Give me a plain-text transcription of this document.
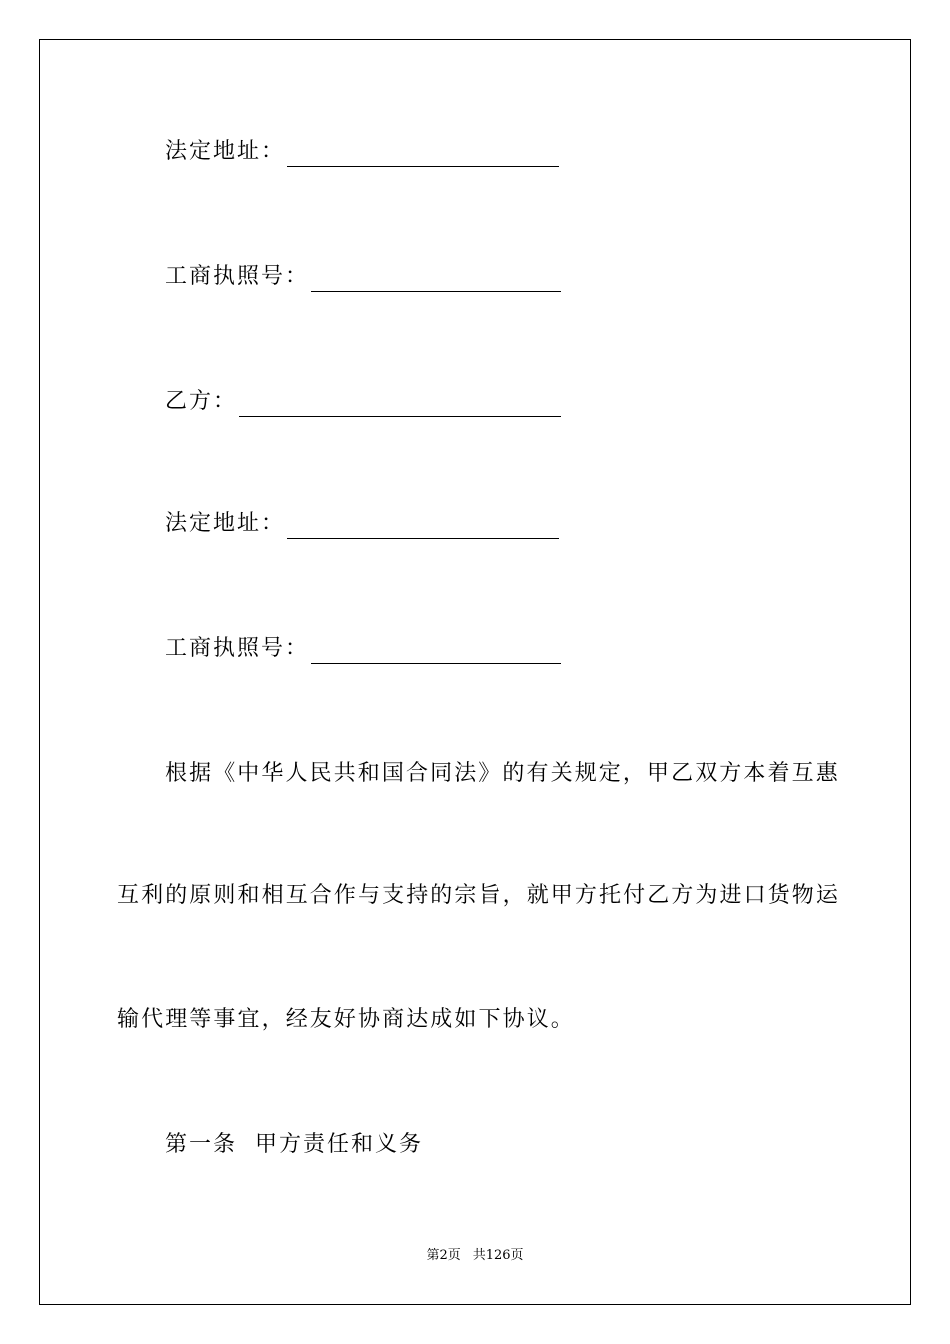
法定地址：
工商执照号：
乙方：
法定地址：
工商执照号：
根据《中华人民共和国合同法》的有关规定，甲乙双方本着互惠
互利的原则和相互合作与支持的宗旨，就甲方托付乙方为进口货物运
输代理等事宜，经友好协商达成如下协议。
第一条  甲方责任和义务
第2页 共126页
